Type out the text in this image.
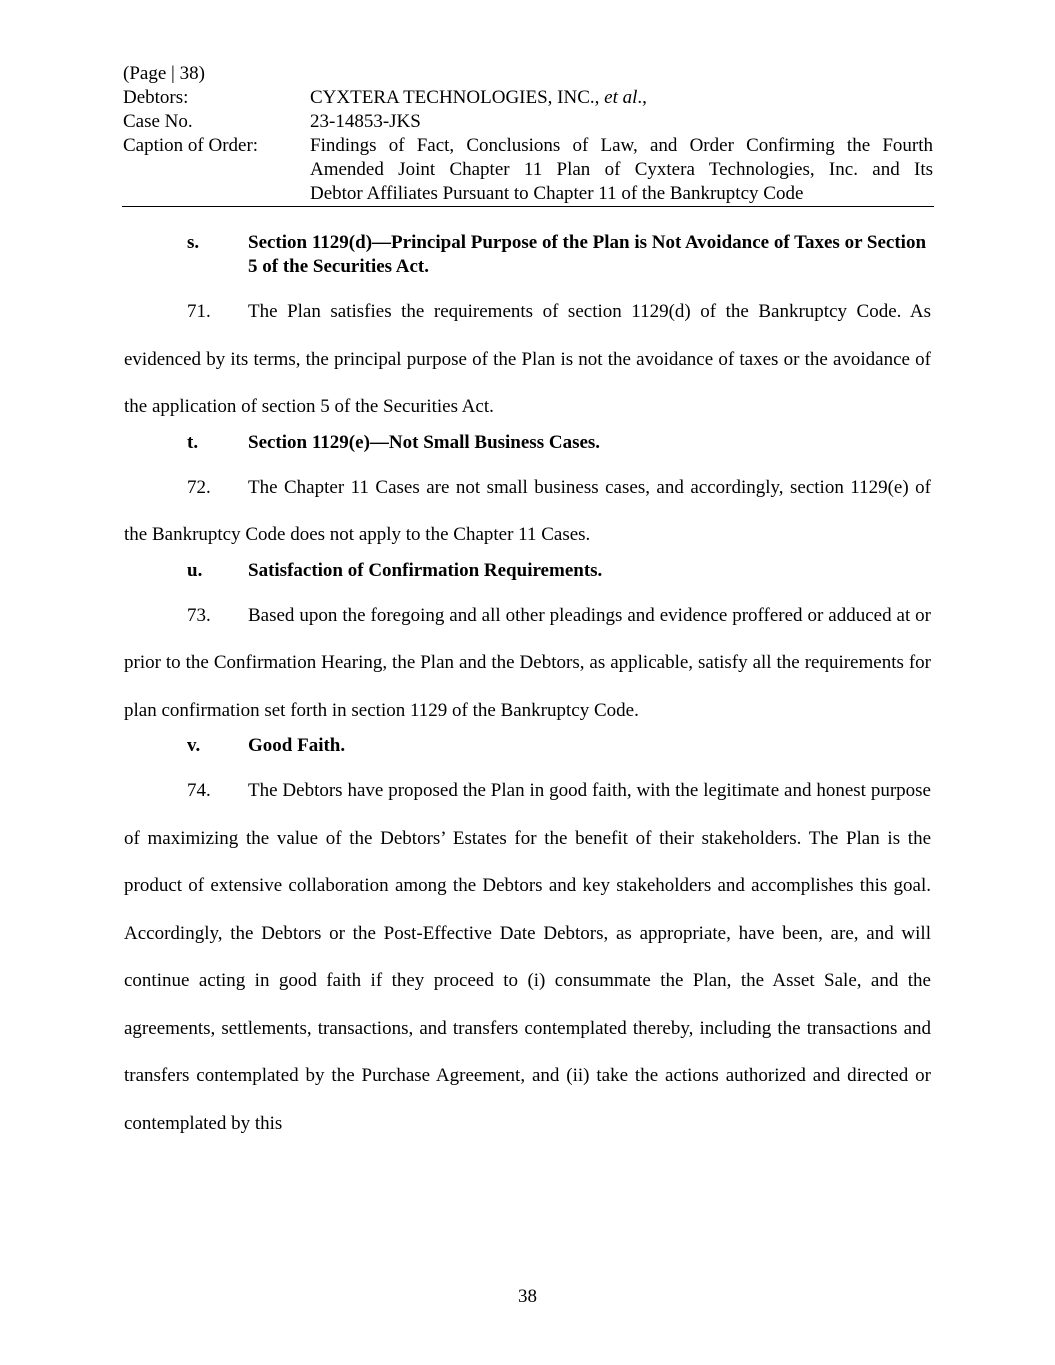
(Page | 38)
Debtors:	CYXTERA TECHNOLOGIES, INC., et al.,
Case No.	23-14853-JKS
Caption of Order:	Findings of Fact, Conclusions of Law, and Order Confirming the Fourth
Amended Joint Chapter 11 Plan of Cyxtera Technologies, Inc. and Its
Debtor Affiliates Pursuant to Chapter 11 of the Bankruptcy Code
s.	Section 1129(d)—Principal Purpose of the Plan is Not Avoidance of Taxes or Section 5 of the Securities Act.
71. The Plan satisfies the requirements of section 1129(d) of the Bankruptcy Code. As evidenced by its terms, the principal purpose of the Plan is not the avoidance of taxes or the avoidance of the application of section 5 of the Securities Act.
t.	Section 1129(e)—Not Small Business Cases.
72. The Chapter 11 Cases are not small business cases, and accordingly, section 1129(e) of the Bankruptcy Code does not apply to the Chapter 11 Cases.
u.	Satisfaction of Confirmation Requirements.
73. Based upon the foregoing and all other pleadings and evidence proffered or adduced at or prior to the Confirmation Hearing, the Plan and the Debtors, as applicable, satisfy all the requirements for plan confirmation set forth in section 1129 of the Bankruptcy Code.
v.	Good Faith.
74. The Debtors have proposed the Plan in good faith, with the legitimate and honest purpose of maximizing the value of the Debtors’ Estates for the benefit of their stakeholders. The Plan is the product of extensive collaboration among the Debtors and key stakeholders and accomplishes this goal. Accordingly, the Debtors or the Post-Effective Date Debtors, as appropriate, have been, are, and will continue acting in good faith if they proceed to (i) consummate the Plan, the Asset Sale, and the agreements, settlements, transactions, and transfers contemplated thereby, including the transactions and transfers contemplated by the Purchase Agreement, and (ii) take the actions authorized and directed or contemplated by this
38
